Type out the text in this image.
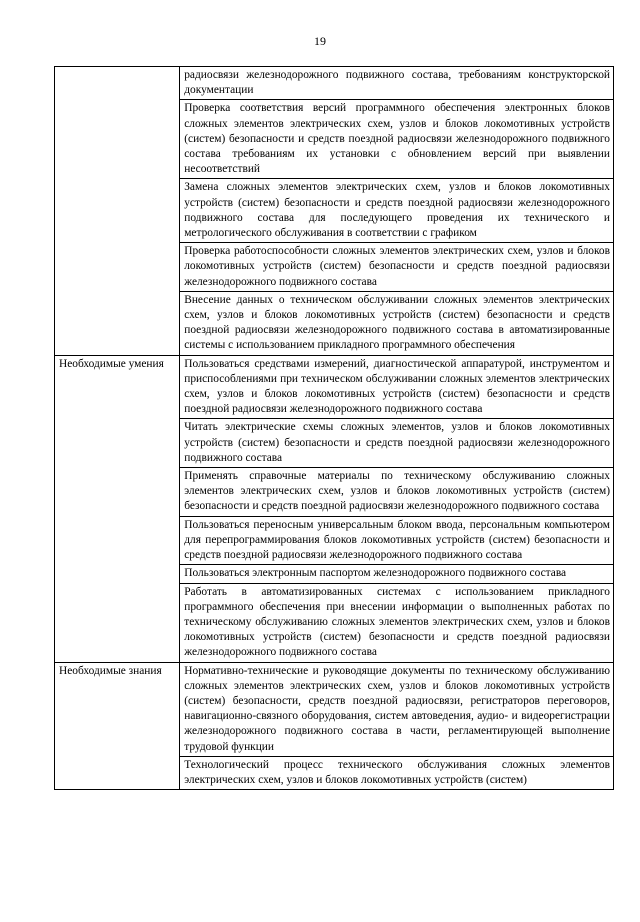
19
	радиосвязи железнодорожного подвижного состава, требованиям конструкторской документации
	Проверка соответствия версий программного обеспечения электронных блоков сложных элементов электрических схем, узлов и блоков локомотивных устройств (систем) безопасности и средств поездной радиосвязи железнодорожного подвижного состава требованиям их установки с обновлением версий при выявлении несоответствий
	Замена сложных элементов электрических схем, узлов и блоков локомотивных устройств (систем) безопасности и средств поездной радиосвязи железнодорожного подвижного состава для последующего проведения их технического и метрологического обслуживания в соответствии с графиком
	Проверка работоспособности сложных элементов электрических схем, узлов и блоков локомотивных устройств (систем) безопасности и средств поездной радиосвязи железнодорожного подвижного состава
	Внесение данных о техническом обслуживании сложных элементов электрических схем, узлов и блоков локомотивных устройств (систем) безопасности и средств поездной радиосвязи железнодорожного подвижного состава в автоматизированные системы с использованием прикладного программного обеспечения
Необходимые умения	Пользоваться средствами измерений, диагностической аппаратурой, инструментом и приспособлениями при техническом обслуживании сложных элементов электрических схем, узлов и блоков локомотивных устройств (систем) безопасности и средств поездной радиосвязи железнодорожного подвижного состава
	Читать электрические схемы сложных элементов, узлов и блоков локомотивных устройств (систем) безопасности и средств поездной радиосвязи железнодорожного подвижного состава
	Применять справочные материалы по техническому обслуживанию сложных элементов электрических схем, узлов и блоков локомотивных устройств (систем) безопасности и средств поездной радиосвязи железнодорожного подвижного состава
	Пользоваться переносным универсальным блоком ввода, персональным компьютером для перепрограммирования блоков локомотивных устройств (систем) безопасности и средств поездной радиосвязи железнодорожного подвижного состава
	Пользоваться электронным паспортом железнодорожного подвижного состава
	Работать в автоматизированных системах с использованием прикладного программного обеспечения при внесении информации о выполненных работах по техническому обслуживанию сложных элементов электрических схем, узлов и блоков локомотивных устройств (систем) безопасности и средств поездной радиосвязи железнодорожного подвижного состава
Необходимые знания	Нормативно-технические и руководящие документы по техническому обслуживанию сложных элементов электрических схем, узлов и блоков локомотивных устройств (систем) безопасности, средств поездной радиосвязи, регистраторов переговоров, навигационно-связного оборудования, систем автоведения, аудио- и видеорегистрации железнодорожного подвижного состава в части, регламентирующей выполнение трудовой функции
	Технологический процесс технического обслуживания сложных элементов электрических схем, узлов и блоков локомотивных устройств (систем)
